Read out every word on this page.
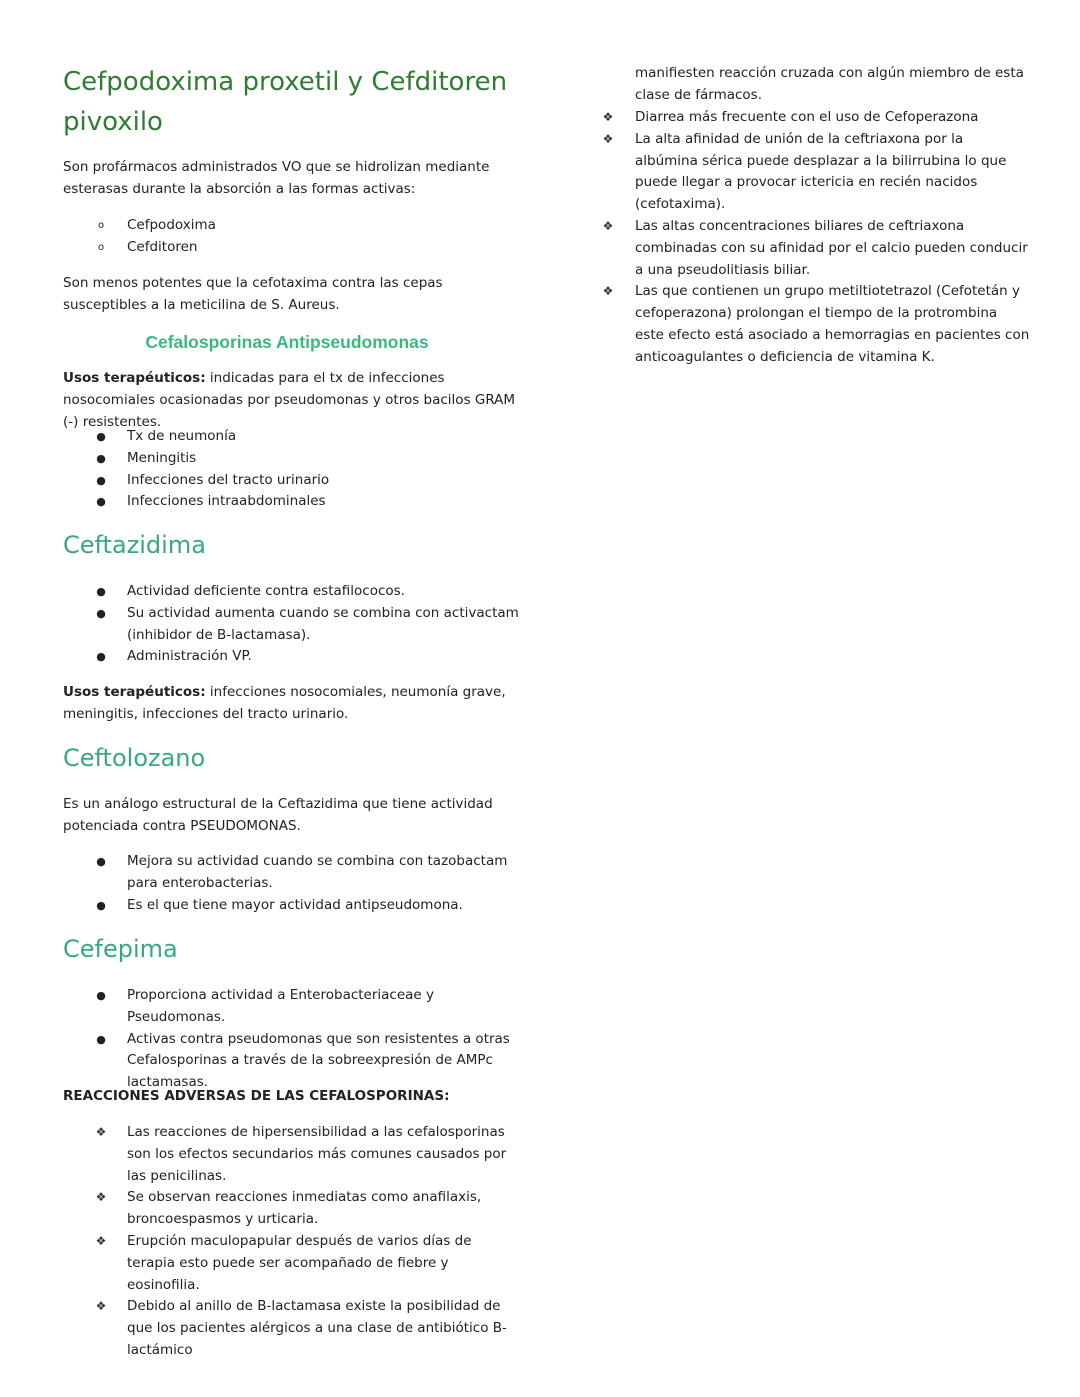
Cefpodoxima proxetil y Cefditoren pivoxilo

Son profármacos administrados VO que se hidrolizan mediante esterasas durante la absorción a las formas activas:

o	Cefpodoxima
o	Cefditoren

Son menos potentes que la cefotaxima contra las cepas susceptibles a la meticilina de S. Aureus.

Cefalosporinas Antipseudomonas

Usos terapéuticos: indicadas para el tx de infecciones nosocomiales ocasionadas por pseudomonas y otros bacilos GRAM (-) resistentes.

● Tx de neumonía
● Meningitis
● Infecciones del tracto urinario
● Infecciones intraabdominales
Ceftazidima
● Actividad deficiente contra estafilococos.
● Su actividad aumenta cuando se combina con activactam (inhibidor de B-lactamasa).
● Administración VP.

Usos terapéuticos: infecciones nosocomiales, neumonía grave, meningitis, infecciones del tracto urinario.

Ceftolozano

Es un análogo estructural de la Ceftazidima que tiene actividad potenciada contra PSEUDOMONAS.

● Mejora su actividad cuando se combina con tazobactam para enterobacterias.
● Es el que tiene mayor actividad antipseudomona.
Cefepima
● Proporciona actividad a Enterobacteriaceae y Pseudomonas.
● Activas contra pseudomonas que son resistentes a otras Cefalosporinas a través de la sobreexpresión de AMPc lactamasas.

REACCIONES ADVERSAS DE LAS CEFALOSPORINAS:

❖ Las reacciones de hipersensibilidad a las cefalosporinas son los efectos secundarios más comunes causados por las penicilinas.
❖ Se observan reacciones inmediatas como anafilaxis, broncoespasmos y urticaria.
❖ Erupción maculopapular después de varios días de terapia esto puede ser acompañado de fiebre y eosinofilia.
❖ Debido al anillo de B-lactamasa existe la posibilidad de que los pacientes alérgicos a una clase de antibiótico B-lactámico

manifiesten reacción cruzada con algún miembro de esta clase de fármacos.

❖ Diarrea más frecuente con el uso de Cefoperazona
❖ La alta afinidad de unión de la ceftriaxona por la albúmina sérica puede desplazar a la bilirrubina lo que puede llegar a provocar ictericia en recién nacidos (cefotaxima).
❖ Las altas concentraciones biliares de ceftriaxona combinadas con su afinidad por el calcio pueden conducir a una pseudolitiasis biliar.
❖ Las que contienen un grupo metiltiotetrazol (Cefotetán y cefoperazona) prolongan el tiempo de la protrombina este efecto está asociado a hemorragias en pacientes con anticoagulantes o deficiencia de vitamina K.
